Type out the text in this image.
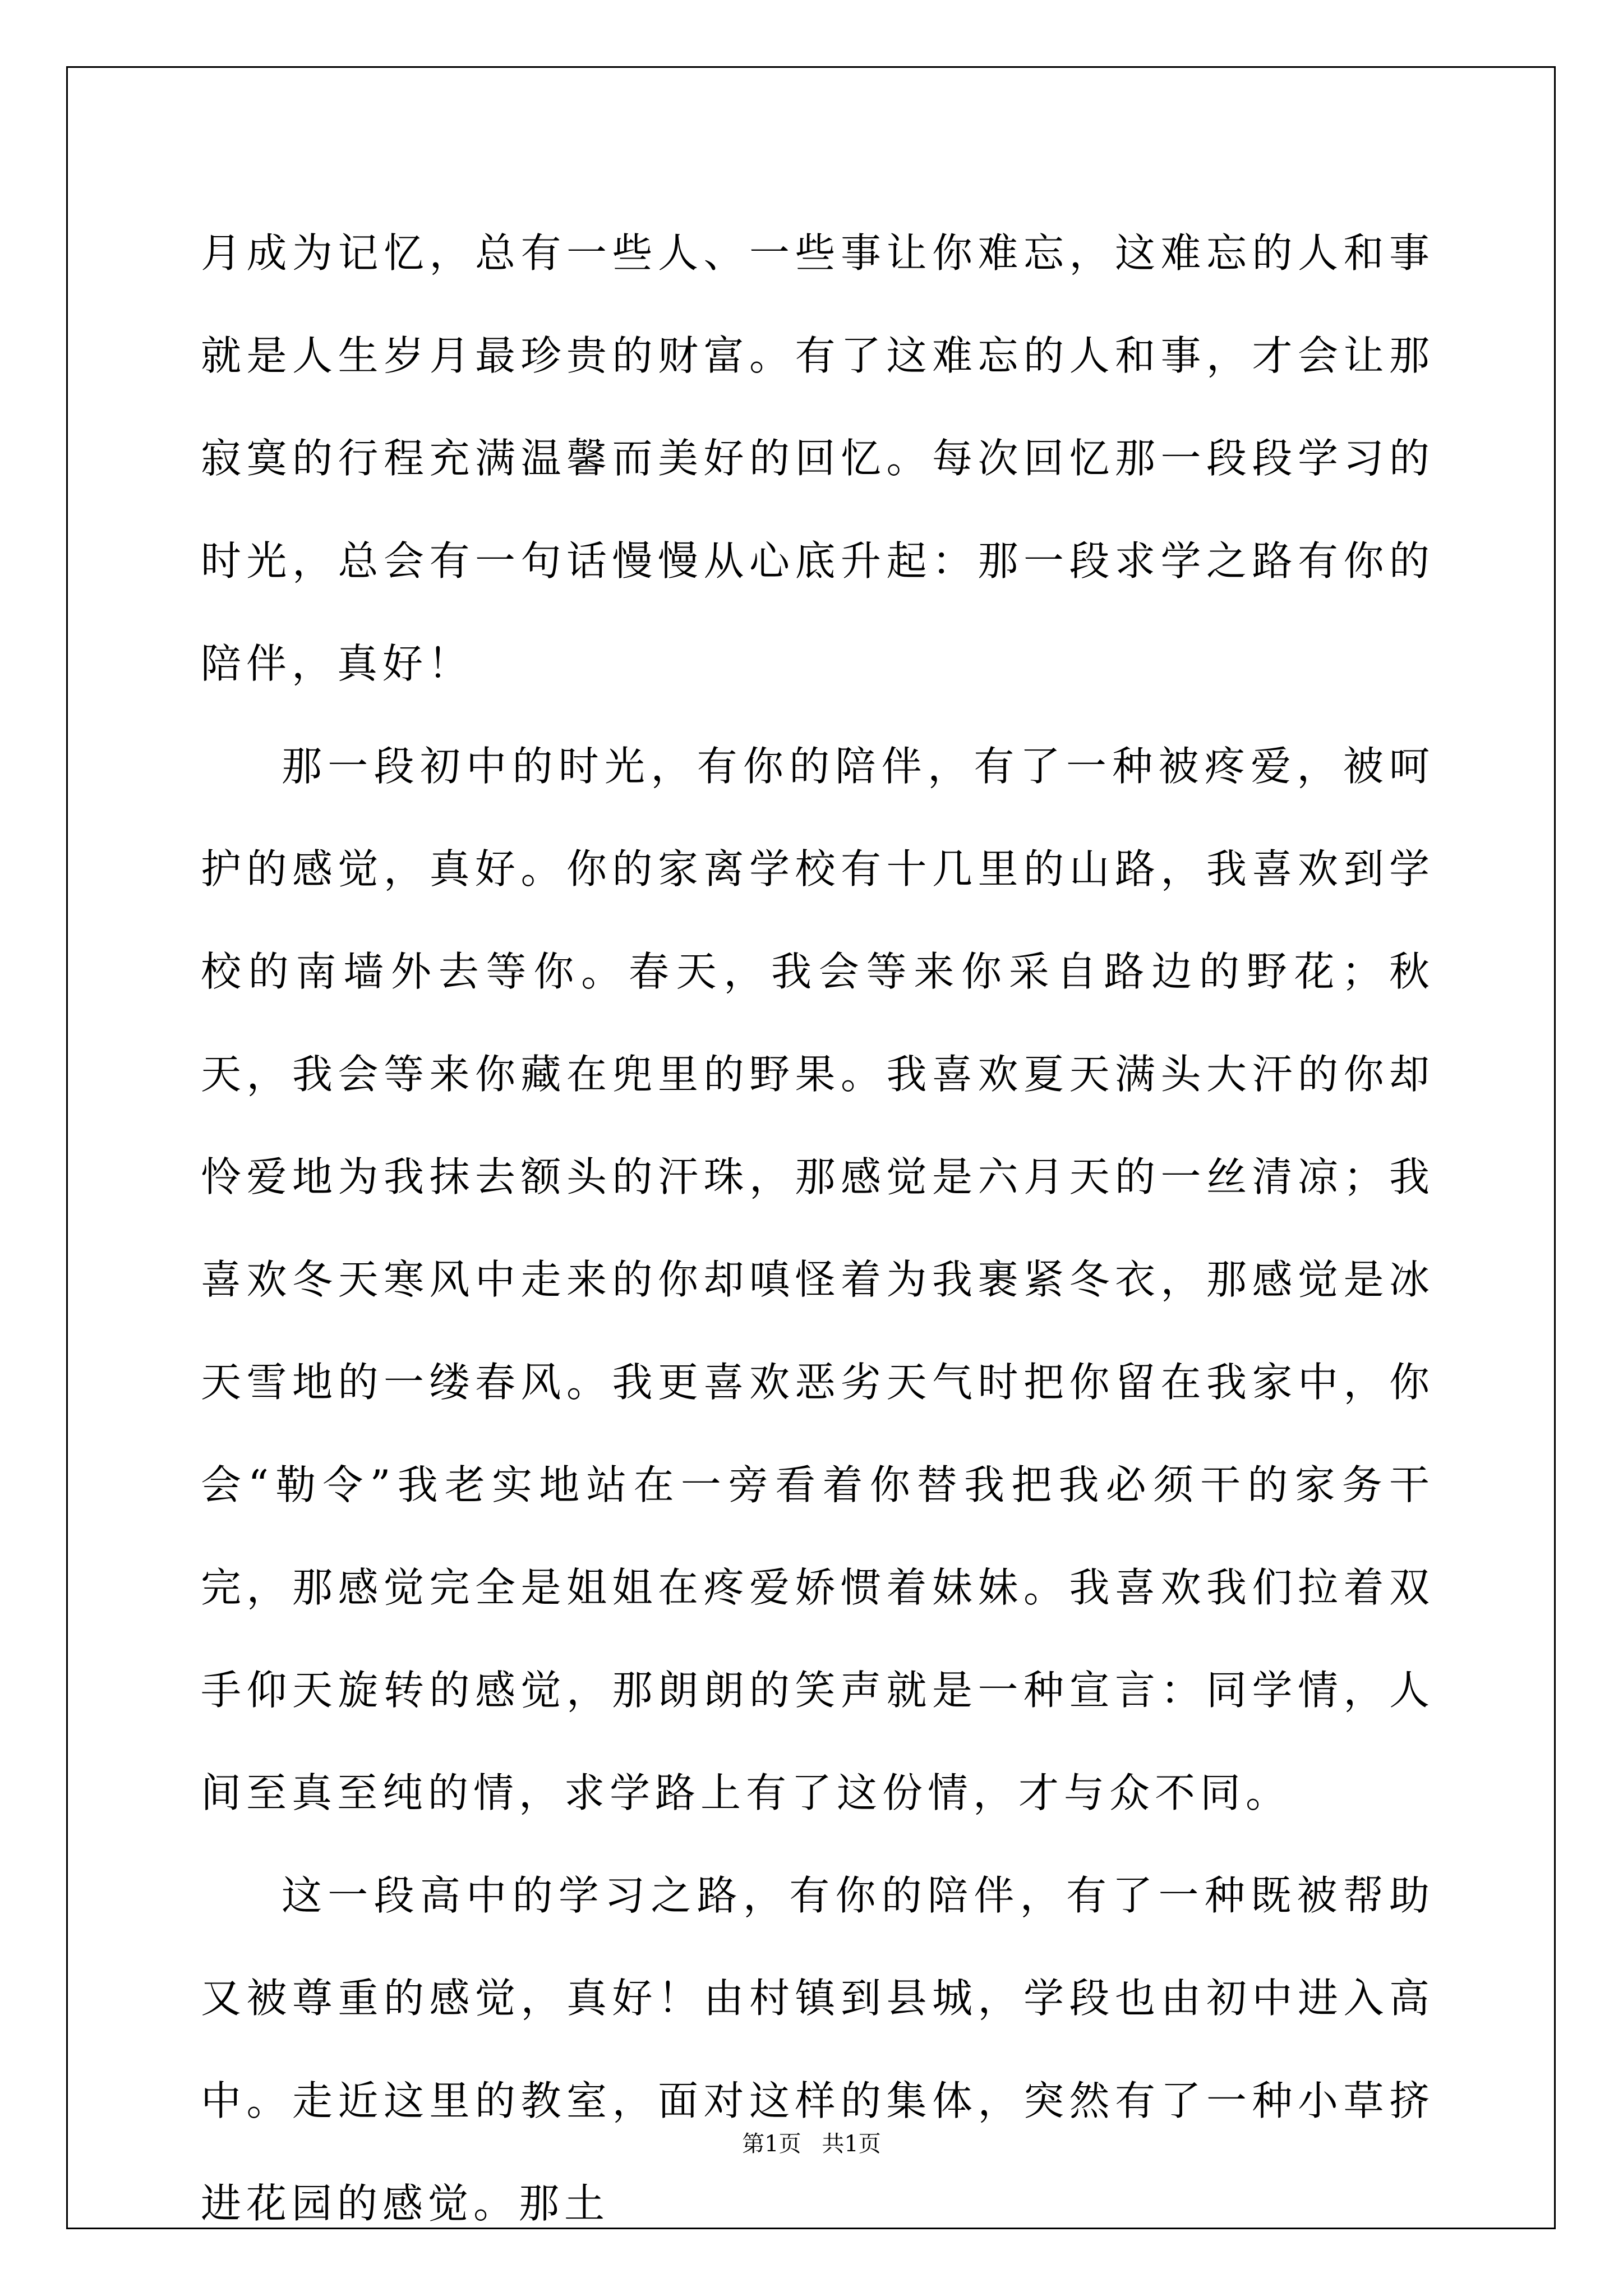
月成为记忆，总有一些人、一些事让你难忘，这难忘的人和事就是人生岁月最珍贵的财富。有了这难忘的人和事，才会让那寂寞的行程充满温馨而美好的回忆。每次回忆那一段段学习的时光，总会有一句话慢慢从心底升起：那一段求学之路有你的陪伴，真好！

那一段初中的时光，有你的陪伴，有了一种被疼爱，被呵护的感觉，真好。你的家离学校有十几里的山路，我喜欢到学校的南墙外去等你。春天，我会等来你采自路边的野花；秋天，我会等来你藏在兜里的野果。我喜欢夏天满头大汗的你却怜爱地为我抹去额头的汗珠，那感觉是六月天的一丝清凉；我喜欢冬天寒风中走来的你却嗔怪着为我裹紧冬衣，那感觉是冰天雪地的一缕春风。我更喜欢恶劣天气时把你留在我家中，你会“勒令”我老实地站在一旁看着你替我把我必须干的家务干完，那感觉完全是姐姐在疼爱娇惯着妹妹。我喜欢我们拉着双手仰天旋转的感觉，那朗朗的笑声就是一种宣言：同学情，人间至真至纯的情，求学路上有了这份情，才与众不同。

这一段高中的学习之路，有你的陪伴，有了一种既被帮助又被尊重的感觉，真好！由村镇到县城，学段也由初中进入高中。走近这里的教室，面对这样的集体，突然有了一种小草挤进花园的感觉。那土

第1页 共1页
